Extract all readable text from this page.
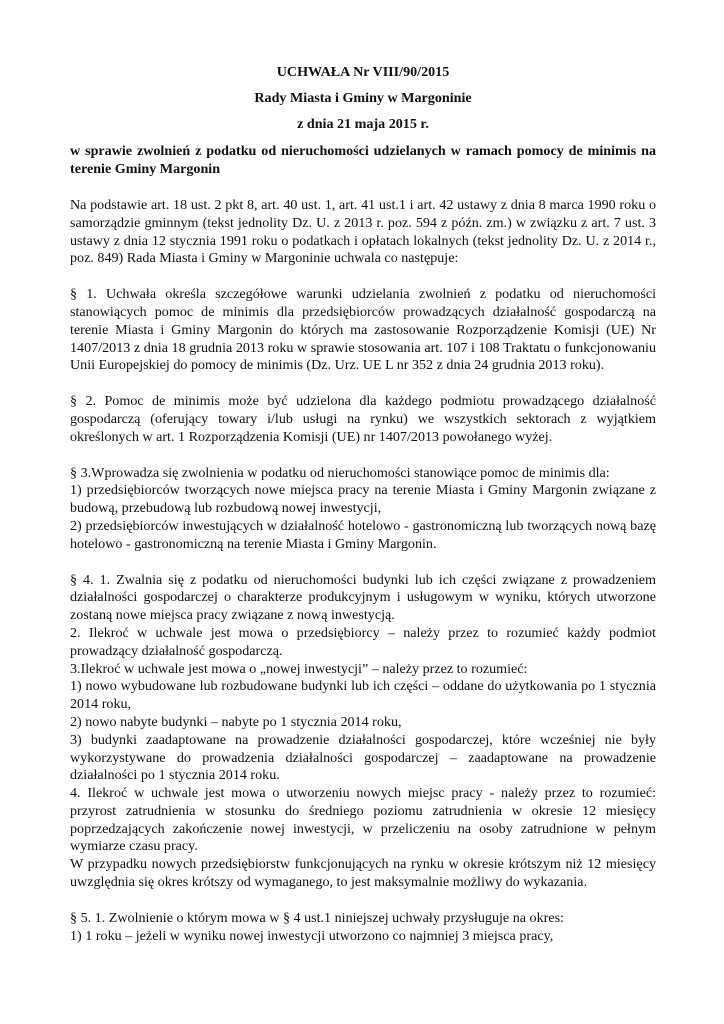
UCHWAŁA Nr VIII/90/2015
Rady Miasta i Gminy w Margoninie
z dnia 21 maja 2015 r.
w sprawie zwolnień z podatku od nieruchomości udzielanych w ramach pomocy de minimis na terenie Gminy Margonin

Na podstawie art. 18 ust. 2 pkt 8, art. 40 ust. 1, art. 41 ust.1 i art. 42 ustawy z dnia 8 marca 1990 roku o samorządzie gminnym (tekst jednolity Dz. U. z 2013 r. poz. 594 z późn. zm.) w związku z art. 7 ust. 3 ustawy z dnia 12 stycznia 1991 roku o podatkach i opłatach lokalnych (tekst jednolity Dz. U. z 2014 r., poz. 849) Rada Miasta i Gminy w Margoninie uchwala co następuje:

§ 1. Uchwała określa szczegółowe warunki udzielania zwolnień z podatku od nieruchomości stanowiących pomoc de minimis dla przedsiębiorców prowadzących działalność gospodarczą na terenie Miasta i Gminy Margonin do których ma zastosowanie Rozporządzenie Komisji (UE) Nr 1407/2013 z dnia 18 grudnia 2013 roku w sprawie stosowania art. 107 i 108 Traktatu o funkcjonowaniu Unii Europejskiej do pomocy de minimis (Dz. Urz. UE L nr 352 z dnia 24 grudnia 2013 roku).

§ 2. Pomoc de minimis może być udzielona dla każdego podmiotu prowadzącego działalność gospodarczą (oferujący towary i/lub usługi na rynku) we wszystkich sektorach z wyjątkiem określonych w art. 1 Rozporządzenia Komisji (UE) nr 1407/2013 powołanego wyżej.

§ 3.Wprowadza się zwolnienia w podatku od nieruchomości stanowiące pomoc de minimis dla:
1) przedsiębiorców tworzących nowe miejsca pracy na terenie Miasta i Gminy Margonin związane z budową, przebudową lub rozbudową nowej inwestycji,
2) przedsiębiorców inwestujących w działalność hotelowo - gastronomiczną lub tworzących nową bazę hotelowo - gastronomiczną na terenie Miasta i Gminy Margonin.
§ 4. 1. Zwalnia się z podatku od nieruchomości budynki lub ich części związane z prowadzeniem działalności gospodarczej o charakterze produkcyjnym i usługowym w wyniku, których utworzone zostaną nowe miejsca pracy związane z nową inwestycją.
2. Ilekroć w uchwale jest mowa o przedsiębiorcy – należy przez to rozumieć każdy podmiot prowadzący działalność gospodarczą.
3.Ilekroć w uchwale jest mowa o „nowej inwestycji” – należy przez to rozumieć:
1) nowo wybudowane lub rozbudowane budynki lub ich części – oddane do użytkowania po 1 stycznia 2014 roku,
2) nowo nabyte budynki – nabyte po 1 stycznia 2014 roku,
3) budynki zaadaptowane na prowadzenie działalności gospodarczej, które wcześniej nie były wykorzystywane do prowadzenia działalności gospodarczej – zaadaptowane na prowadzenie działalności po 1 stycznia 2014 roku.
4. Ilekroć w uchwale jest mowa o utworzeniu nowych miejsc pracy - należy przez to rozumieć: przyrost zatrudnienia w stosunku do średniego poziomu zatrudnienia w okresie 12 miesięcy poprzedzających zakończenie nowej inwestycji, w przeliczeniu na osoby zatrudnione w pełnym wymiarze czasu pracy.
W przypadku nowych przedsiębiorstw funkcjonujących na rynku w okresie krótszym niż 12 miesięcy uwzględnia się okres krótszy od wymaganego, to jest maksymalnie możliwy do wykazania.
§ 5. 1. Zwolnienie o którym mowa w § 4 ust.1 niniejszej uchwały przysługuje na okres:
1) 1 roku – jeżeli w wyniku nowej inwestycji utworzono co najmniej 3 miejsca pracy,
